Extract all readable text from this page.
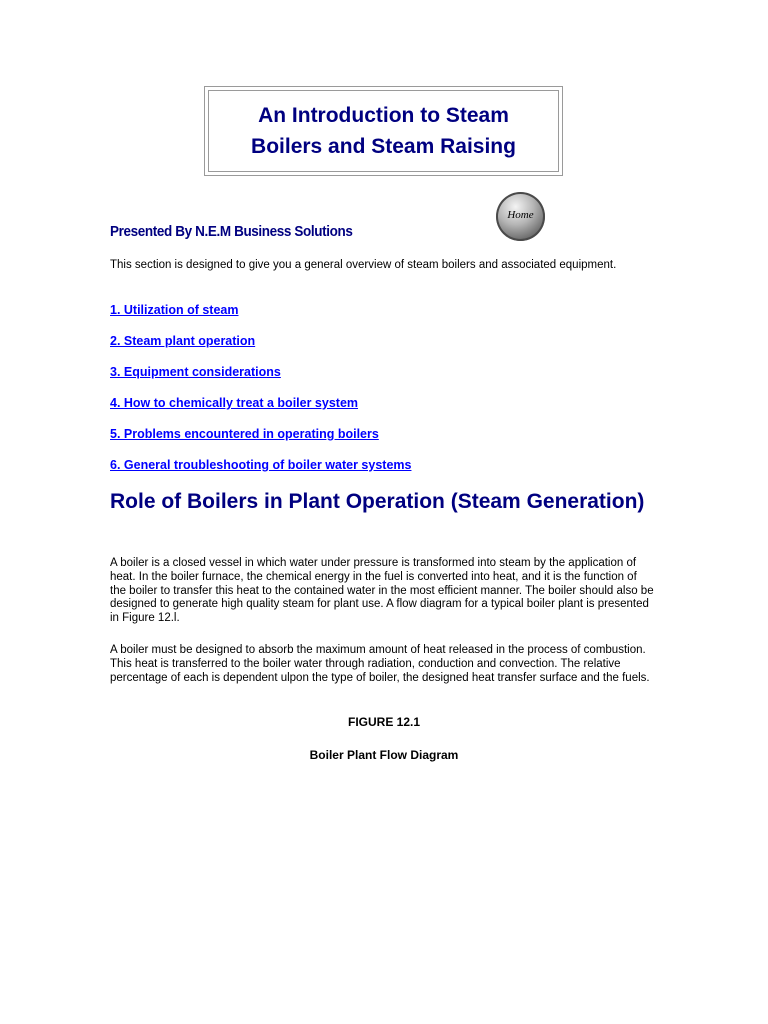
An Introduction to Steam
Boilers and Steam Raising
Home
Presented By N.E.M Business Solutions
This section is designed to give you a general overview of steam boilers and associated equipment.
1. Utilization of steam
2. Steam plant operation
3. Equipment considerations
4. How to chemically treat a boiler system
5. Problems encountered in operating boilers
6. General troubleshooting of boiler water systems
Role of Boilers in Plant Operation (Steam Generation)
A boiler is a closed vessel in which water under pressure is transformed into steam by the application of heat. In the boiler furnace, the chemical energy in the fuel is converted into heat, and it is the function of the boiler to transfer this heat to the contained water in the most efficient manner. The boiler should also be designed to generate high quality steam for plant use. A flow diagram for a typical boiler plant is presented in Figure 12.l.
A boiler must be designed to absorb the maximum amount of heat released in the process of combustion. This heat is transferred to the boiler water through radiation, conduction and convection. The relative percentage of each is dependent ulpon the type of boiler, the designed heat transfer surface and the fuels.
FIGURE 12.1
Boiler Plant Flow Diagram
